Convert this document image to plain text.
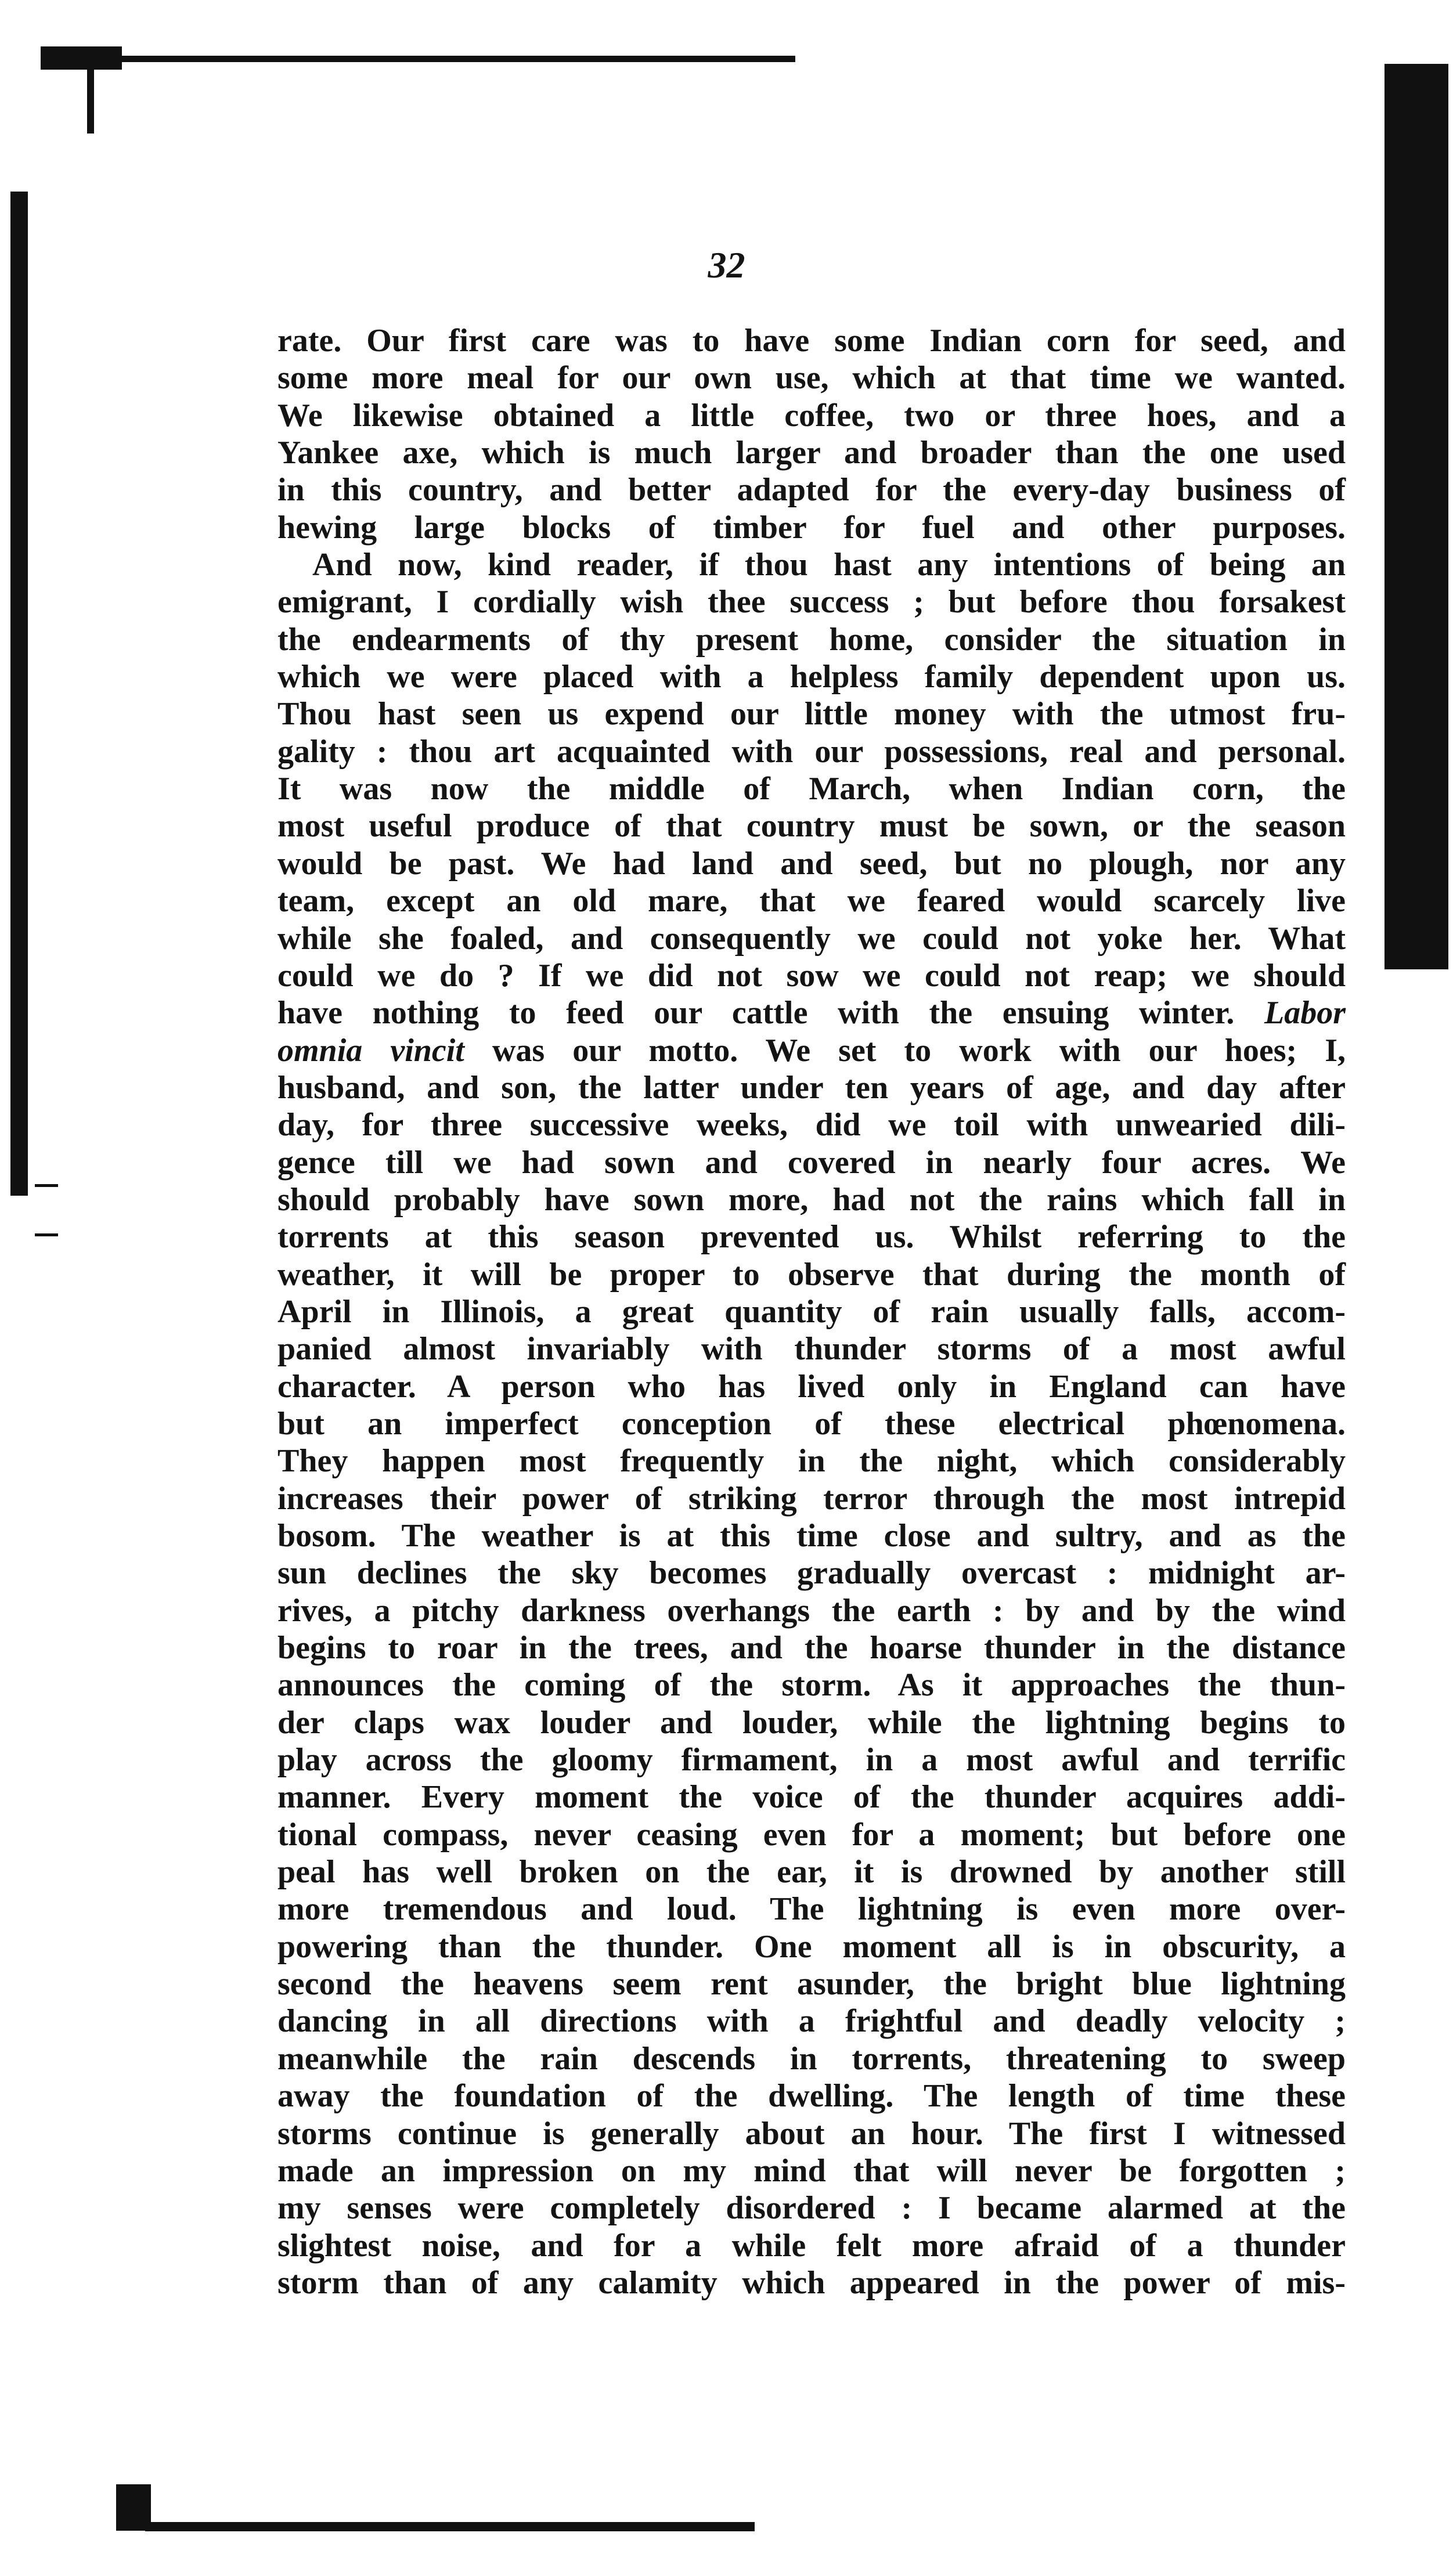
32
rate. Our first care was to have some Indian corn for seed, and
some more meal for our own use, which at that time we wanted.
We likewise obtained a little coffee, two or three hoes, and a
Yankee axe, which is much larger and broader than the one used
in this country, and better adapted for the every-day business of
hewing large blocks of timber for fuel and other purposes.
And now, kind reader, if thou hast any intentions of being an
emigrant, I cordially wish thee success ; but before thou forsakest
the endearments of thy present home, consider the situation in
which we were placed with a helpless family dependent upon us.
Thou hast seen us expend our little money with the utmost fru-
gality : thou art acquainted with our possessions, real and personal.
It was now the middle of March, when Indian corn, the
most useful produce of that country must be sown, or the season
would be past. We had land and seed, but no plough, nor any
team, except an old mare, that we feared would scarcely live
while she foaled, and consequently we could not yoke her. What
could we do ? If we did not sow we could not reap; we should
have nothing to feed our cattle with the ensuing winter. Labor
omnia vincit was our motto. We set to work with our hoes; I,
husband, and son, the latter under ten years of age, and day after
day, for three successive weeks, did we toil with unwearied dili-
gence till we had sown and covered in nearly four acres. We
should probably have sown more, had not the rains which fall in
torrents at this season prevented us. Whilst referring to the
weather, it will be proper to observe that during the month of
April in Illinois, a great quantity of rain usually falls, accom-
panied almost invariably with thunder storms of a most awful
character. A person who has lived only in England can have
but an imperfect conception of these electrical phœnomena.
They happen most frequently in the night, which considerably
increases their power of striking terror through the most intrepid
bosom. The weather is at this time close and sultry, and as the
sun declines the sky becomes gradually overcast : midnight ar-
rives, a pitchy darkness overhangs the earth : by and by the wind
begins to roar in the trees, and the hoarse thunder in the distance
announces the coming of the storm. As it approaches the thun-
der claps wax louder and louder, while the lightning begins to
play across the gloomy firmament, in a most awful and terrific
manner. Every moment the voice of the thunder acquires addi-
tional compass, never ceasing even for a moment; but before one
peal has well broken on the ear, it is drowned by another still
more tremendous and loud. The lightning is even more over-
powering than the thunder. One moment all is in obscurity, a
second the heavens seem rent asunder, the bright blue lightning
dancing in all directions with a frightful and deadly velocity ;
meanwhile the rain descends in torrents, threatening to sweep
away the foundation of the dwelling. The length of time these
storms continue is generally about an hour. The first I witnessed
made an impression on my mind that will never be forgotten ;
my senses were completely disordered : I became alarmed at the
slightest noise, and for a while felt more afraid of a thunder
storm than of any calamity which appeared in the power of mis-
